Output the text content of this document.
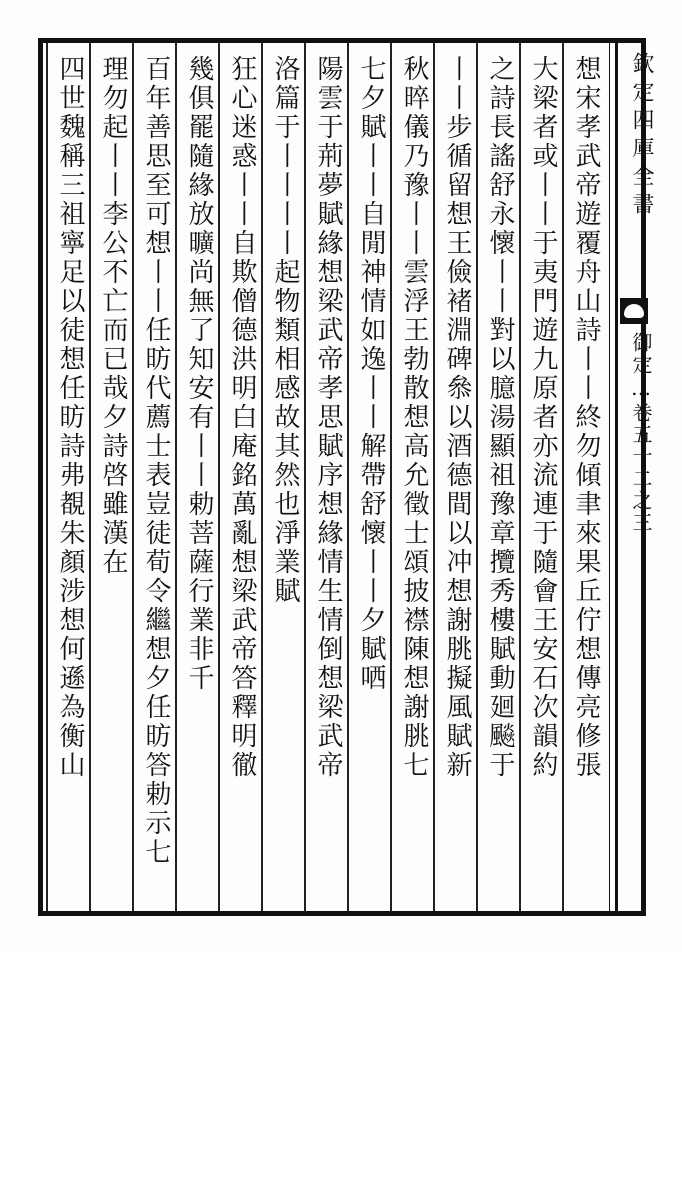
欽定四庫全書
御定…卷五十二之三
想宋孝武帝遊覆舟山詩丨丨終勿傾聿來果丘佇想傳亮修張
大梁者或丨丨于夷門遊九原者亦流連于隨會王安石次韻約
之詩長謠舒永懷丨丨對以臆湯顯祖豫章攬秀樓賦動廻飈于
丨丨步循留想王儉褚淵碑叅以酒德間以冲想謝朓擬風賦新
秋晬儀乃豫丨丨雲浮王勃散想高允徵士頌披襟陳想謝朓七
七夕賦丨丨自閒神情如逸丨丨解帶舒懷丨丨夕賦哂
陽雲于荊夢賦緣想梁武帝孝思賦序想緣情生情倒想梁武帝
洛篇于丨丨丨丨起物類相感故其然也淨業賦
狂心迷惑丨丨自欺僧德洪明白庵銘萬亂想梁武帝答釋明徹
幾俱罷隨緣放曠尚無了知安有丨丨勅菩薩行業非千
百年善思至可想丨丨任昉代薦士表豈徒荀令繼想夕任昉答勅示七
理勿起丨丨李公不亡而已哉夕詩啓雖漢在
四世魏稱三祖寧足以徒想任昉詩弗覩朱顏涉想何遜為衡山
